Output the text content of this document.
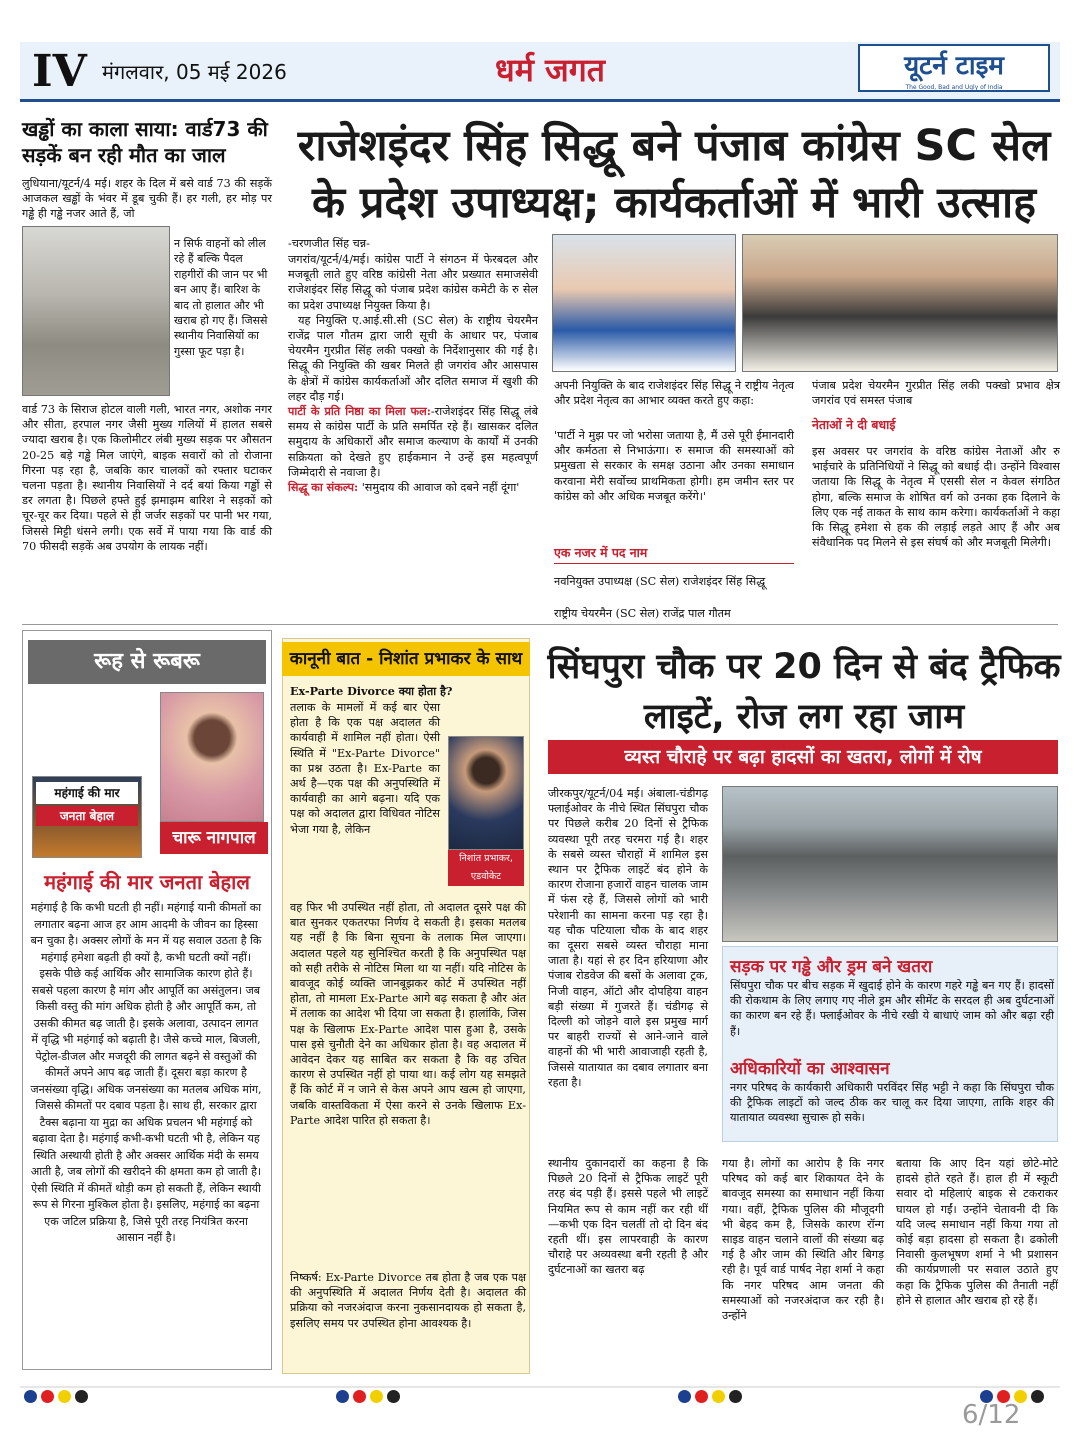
IV मंगलवार, 05 मई 2026	धर्म जगत	यूटर्न टाइम
The Good, Bad and Ugly of India
खड्ढों का काला साया: वार्ड73 की सड़कें बन रही मौत का जाल

लुधियाना/यूटर्न/4 मई। शहर के दिल में बसे वार्ड 73 की सड़कें आजकल खड्ढों के भंवर में डूब चुकी हैं। हर गली, हर मोड़ पर गड्ढे ही गड्ढे नजर आते हैं, जो

न सिर्फ वाहनों को लील रहे हैं बल्कि पैदल राहगीरों की जान पर भी बन आए हैं। बारिश के बाद तो हालात और भी खराब हो गए हैं। जिससे स्थानीय निवासियों का गुस्सा फूट पड़ा है।

वार्ड 73 के सिराज होटल वाली गली, भारत नगर, अशोक नगर और सीता, हरपाल नगर जैसी मुख्य गलियों में हालत सबसे ज्यादा खराब है। एक किलोमीटर लंबी मुख्य सड़क पर औसतन 20-25 बड़े गड्ढे मिल जाएंगे, बाइक सवारों को तो रोजाना गिरना पड़ रहा है, जबकि कार चालकों को रफ्तार घटाकर चलना पड़ता है। स्थानीय निवासियों ने दर्द बयां किया गड्ढों से डर लगता है। पिछले हफ्ते हुई झमाझम बारिश ने सड़कों को चूर-चूर कर दिया। पहले से ही जर्जर सड़कों पर पानी भर गया, जिससे मिट्टी धंसने लगी। एक सर्वे में पाया गया कि वार्ड की 70 फीसदी सड़कें अब उपयोग के लायक नहीं।

राजेशइंदर सिंह सिद्धू बने पंजाब कांग्रेस SC सेल के प्रदेश उपाध्यक्ष; कार्यकर्ताओं में भारी उत्साह

-चरणजीत सिंह चन्न-

जगरांव/यूटर्न/4/मई। कांग्रेस पार्टी ने संगठन में फेरबदल और मजबूती लाते हुए वरिष्ठ कांग्रेसी नेता और प्रख्यात समाजसेवी राजेशइंदर सिंह सिद्धू को पंजाब प्रदेश कांग्रेस कमेटी के रु सेल का प्रदेश उपाध्यक्ष नियुक्त किया है।

यह नियुक्ति ए.आई.सी.सी (SC सेल) के राष्ट्रीय चेयरमैन राजेंद्र पाल गौतम द्वारा जारी सूची के आधार पर, पंजाब चेयरमैन गुरप्रीत सिंह लकी पक्खो के निर्देशानुसार की गई है। सिद्धू की नियुक्ति की खबर मिलते ही जगरांव और आसपास के क्षेत्रों में कांग्रेस कार्यकर्ताओं और दलित समाज में खुशी की लहर दौड़ गई।

पार्टी के प्रति निष्ठा का मिला फल:-राजेशइंदर सिंह सिद्धू लंबे समय से कांग्रेस पार्टी के प्रति समर्पित रहे हैं। खासकर दलित समुदाय के अधिकारों और समाज कल्याण के कार्यों में उनकी सक्रियता को देखते हुए हाईकमान ने उन्हें इस महत्वपूर्ण जिम्मेदारी से नवाजा है।

सिद्धू का संकल्प: 'समुदाय की आवाज को दबने नहीं दूंगा'

अपनी नियुक्ति के बाद राजेशइंदर सिंह सिद्धू ने राष्ट्रीय नेतृत्व और प्रदेश नेतृत्व का आभार व्यक्त करते हुए कहा:

'पार्टी ने मुझ पर जो भरोसा जताया है, मैं उसे पूरी ईमानदारी और कर्मठता से निभाऊंगा। रु समाज की समस्याओं को प्रमुखता से सरकार के समक्ष उठाना और उनका समाधान करवाना मेरी सर्वोच्च प्राथमिकता होगी। हम जमीन स्तर पर कांग्रेस को और अधिक मजबूत करेंगे।'

एक नजर में पद नाम

नवनियुक्त उपाध्यक्ष (SC सेल) राजेशइंदर सिंह सिद्धू

राष्ट्रीय चेयरमैन (SC सेल) राजेंद्र पाल गौतम

पंजाब प्रदेश चेयरमैन गुरप्रीत सिंह लकी पक्खो प्रभाव क्षेत्र जगरांव एवं समस्त पंजाब

नेताओं ने दी बधाई

इस अवसर पर जगरांव के वरिष्ठ कांग्रेस नेताओं और रु भाईचारे के प्रतिनिधियों ने सिद्धू को बधाई दी। उन्होंने विश्वास जताया कि सिद्धू के नेतृत्व में एससी सेल न केवल संगठित होगा, बल्कि समाज के शोषित वर्ग को उनका हक दिलाने के लिए एक नई ताकत के साथ काम करेगा। कार्यकर्ताओं ने कहा कि सिद्धू हमेशा से हक की लड़ाई लड़ते आए हैं और अब संवैधानिक पद मिलने से इस संघर्ष को और मजबूती मिलेगी।

रूह से रूबरू
महंगाई की मार
जनता बेहाल
चारू नागपाल
महंगाई की मार जनता बेहाल

महंगाई है कि कभी घटती ही नहीं। महंगाई यानी कीमतों का लगातार बढ़ना आज हर आम आदमी के जीवन का हिस्सा बन चुका है। अक्सर लोगों के मन में यह सवाल उठता है कि महंगाई हमेशा बढ़ती ही क्यों है, कभी घटती क्यों नहीं। इसके पीछे कई आर्थिक और सामाजिक कारण होते हैं। सबसे पहला कारण है मांग और आपूर्ति का असंतुलन। जब किसी वस्तु की मांग अधिक होती है और आपूर्ति कम, तो उसकी कीमत बढ़ जाती है। इसके अलावा, उत्पादन लागत में वृद्धि भी महंगाई को बढ़ाती है। जैसे कच्चे माल, बिजली, पेट्रोल-डीजल और मजदूरी की लागत बढ़ने से वस्तुओं की कीमतें अपने आप बढ़ जाती हैं। दूसरा बड़ा कारण है जनसंख्या वृद्धि। अधिक जनसंख्या का मतलब अधिक मांग, जिससे कीमतों पर दबाव पड़ता है। साथ ही, सरकार द्वारा टैक्स बढ़ाना या मुद्रा का अधिक प्रचलन भी महंगाई को बढ़ावा देता है। महंगाई कभी-कभी घटती भी है, लेकिन यह स्थिति अस्थायी होती है और अक्सर आर्थिक मंदी के समय आती है, जब लोगों की खरीदने की क्षमता कम हो जाती है। ऐसी स्थिति में कीमतें थोड़ी कम हो सकती हैं, लेकिन स्थायी रूप से गिरना मुश्किल होता है। इसलिए, महंगाई का बढ़ना एक जटिल प्रक्रिया है, जिसे पूरी तरह नियंत्रित करना आसान नहीं है।

कानूनी बात - निशांत प्रभाकर के साथ

Ex-Parte Divorce क्या होता है?

तलाक के मामलों में कई बार ऐसा होता है कि एक पक्ष अदालत की कार्यवाही में शामिल नहीं होता। ऐसी स्थिति में "Ex-Parte Divorce" का प्रश्न उठता है। Ex-Parte का अर्थ है—एक पक्ष की अनुपस्थिति में कार्यवाही का आगे बढ़ना। यदि एक पक्ष को अदालत द्वारा विधिवत नोटिस भेजा गया है, लेकिन

निशांत प्रभाकर,
एडवोकेट

वह फिर भी उपस्थित नहीं होता, तो अदालत दूसरे पक्ष की बात सुनकर एकतरफा निर्णय दे सकती है। इसका मतलब यह नहीं है कि बिना सूचना के तलाक मिल जाएगा। अदालत पहले यह सुनिश्चित करती है कि अनुपस्थित पक्ष को सही तरीके से नोटिस मिला था या नहीं। यदि नोटिस के बावजूद कोई व्यक्ति जानबूझकर कोर्ट में उपस्थित नहीं होता, तो मामला Ex-Parte आगे बढ़ सकता है और अंत में तलाक का आदेश भी दिया जा सकता है। हालांकि, जिस पक्ष के खिलाफ Ex-Parte आदेश पास हुआ है, उसके पास इसे चुनौती देने का अधिकार होता है। वह अदालत में आवेदन देकर यह साबित कर सकता है कि वह उचित कारण से उपस्थित नहीं हो पाया था। कई लोग यह समझते हैं कि कोर्ट में न जाने से केस अपने आप खत्म हो जाएगा, जबकि वास्तविकता में ऐसा करने से उनके खिलाफ Ex-Parte आदेश पारित हो सकता है।

निष्कर्ष: Ex-Parte Divorce तब होता है जब एक पक्ष की अनुपस्थिति में अदालत निर्णय देती है। अदालत की प्रक्रिया को नजरअंदाज करना नुकसानदायक हो सकता है, इसलिए समय पर उपस्थित होना आवश्यक है।

सिंघपुरा चौक पर 20 दिन से बंद ट्रैफिक लाइटें, रोज लग रहा जाम
व्यस्त चौराहे पर बढ़ा हादसों का खतरा, लोगों में रोष

जीरकपुर/यूटर्न/04 मई। अंबाला-चंडीगढ़ फ्लाईओवर के नीचे स्थित सिंघपुरा चौक पर पिछले करीब 20 दिनों से ट्रैफिक व्यवस्था पूरी तरह चरमरा गई है। शहर के सबसे व्यस्त चौराहों में शामिल इस स्थान पर ट्रैफिक लाइटें बंद होने के कारण रोजाना हजारों वाहन चालक जाम में फंस रहे हैं, जिससे लोगों को भारी परेशानी का सामना करना पड़ रहा है। यह चौक पटियाला चौक के बाद शहर का दूसरा सबसे व्यस्त चौराहा माना जाता है। यहां से हर दिन हरियाणा और पंजाब रोडवेज की बसों के अलावा ट्रक, निजी वाहन, ऑटो और दोपहिया वाहन बड़ी संख्या में गुजरते हैं। चंडीगढ़ से दिल्ली को जोड़ने वाले इस प्रमुख मार्ग पर बाहरी राज्यों से आने-जाने वाले वाहनों की भी भारी आवाजाही रहती है, जिससे यातायात का दबाव लगातार बना रहता है।

सड़क पर गड्ढे और ड्रम बने खतरा

सिंघपुरा चौक पर बीच सड़क में खुदाई होने के कारण गहरे गड्ढे बन गए हैं। हादसों की रोकथाम के लिए लगाए गए नीले ड्रम और सीमेंट के सरदल ही अब दुर्घटनाओं का कारण बन रहे हैं। फ्लाईओवर के नीचे रखी ये बाधाएं जाम को और बढ़ा रही हैं।

अधिकारियों का आश्वासन

नगर परिषद के कार्यकारी अधिकारी परविंदर सिंह भट्टी ने कहा कि सिंघपुरा चौक की ट्रैफिक लाइटों को जल्द ठीक कर चालू कर दिया जाएगा, ताकि शहर की यातायात व्यवस्था सुचारू हो सके।

स्थानीय दुकानदारों का कहना है कि पिछले 20 दिनों से ट्रैफिक लाइटें पूरी तरह बंद पड़ी हैं। इससे पहले भी लाइटें नियमित रूप से काम नहीं कर रही थीं—कभी एक दिन चलतीं तो दो दिन बंद रहती थीं। इस लापरवाही के कारण चौराहे पर अव्यवस्था बनी रहती है और दुर्घटनाओं का खतरा बढ़

गया है। लोगों का आरोप है कि नगर परिषद को कई बार शिकायत देने के बावजूद समस्या का समाधान नहीं किया गया। वहीं, ट्रैफिक पुलिस की मौजूदगी भी बेहद कम है, जिसके कारण रॉन्ग साइड वाहन चलाने वालों की संख्या बढ़ गई है और जाम की स्थिति और बिगड़ रही है। पूर्व वार्ड पार्षद नेहा शर्मा ने कहा कि नगर परिषद आम जनता की समस्याओं को नजरअंदाज कर रही है। उन्होंने

बताया कि आए दिन यहां छोटे-मोटे हादसे होते रहते हैं। हाल ही में स्कूटी सवार दो महिलाएं बाइक से टकराकर घायल हो गईं। उन्होंने चेतावनी दी कि यदि जल्द समाधान नहीं किया गया तो कोई बड़ा हादसा हो सकता है। ढकोली निवासी कुलभूषण शर्मा ने भी प्रशासन की कार्यप्रणाली पर सवाल उठाते हुए कहा कि ट्रैफिक पुलिस की तैनाती नहीं होने से हालात और खराब हो रहे हैं।

6/12
